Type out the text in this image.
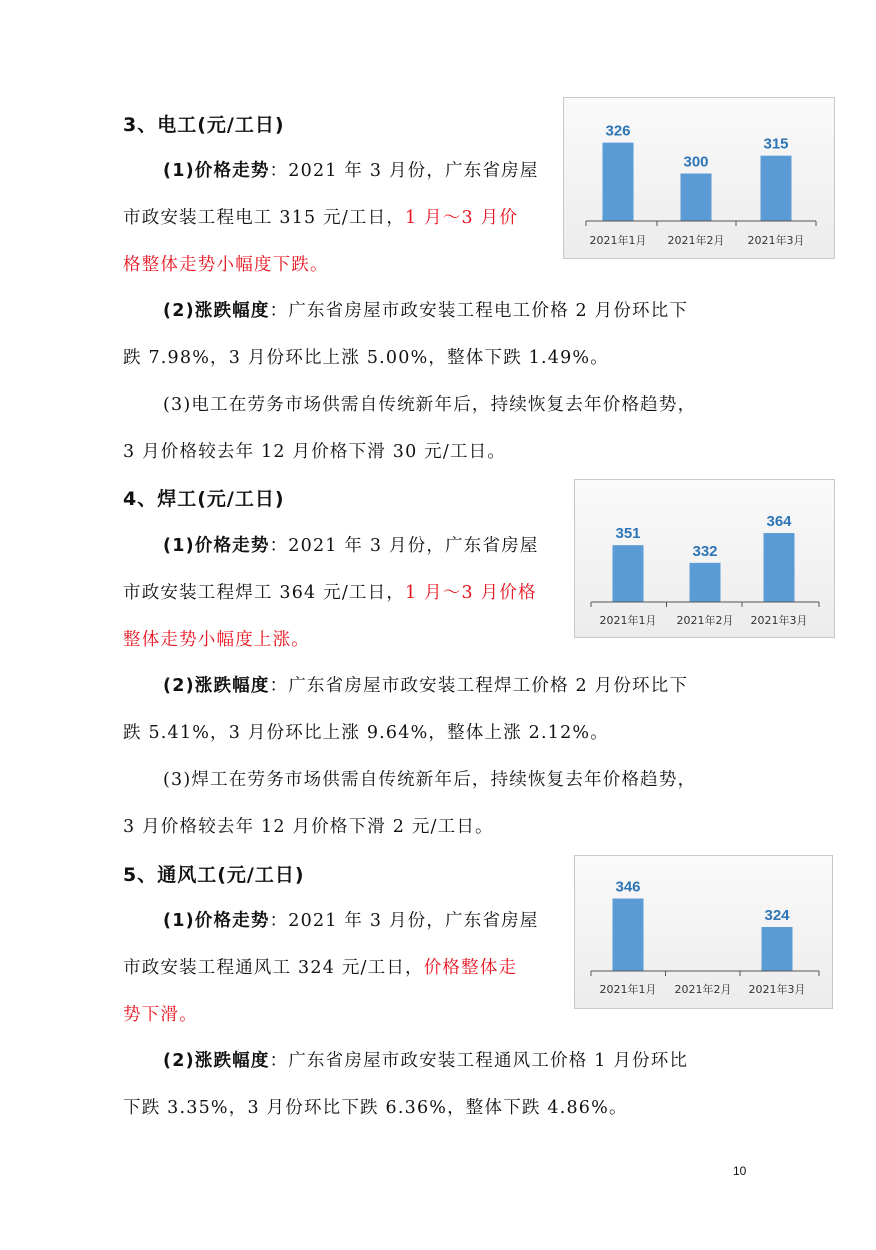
3、电工(元/工日)
(1)价格走势：2021 年 3 月份，广东省房屋
市政安装工程电工 315 元/工日，1 月～3 月价
格整体走势小幅度下跌。
(2)涨跌幅度：广东省房屋市政安装工程电工价格 2 月份环比下
跌 7.98%，3 月份环比上涨 5.00%，整体下跌 1.49%。
(3)电工在劳务市场供需自传统新年后，持续恢复去年价格趋势，
3 月价格较去年 12 月价格下滑 30 元/工日。
326
2021年1月
300
2021年2月
315
2021年3月
4、焊工(元/工日)
(1)价格走势：2021 年 3 月份，广东省房屋
市政安装工程焊工 364 元/工日，1 月～3 月价格
整体走势小幅度上涨。
(2)涨跌幅度：广东省房屋市政安装工程焊工价格 2 月份环比下
跌 5.41%，3 月份环比上涨 9.64%，整体上涨 2.12%。
(3)焊工在劳务市场供需自传统新年后，持续恢复去年价格趋势，
3 月价格较去年 12 月价格下滑 2 元/工日。
351
2021年1月
332
2021年2月
364
2021年3月
5、通风工(元/工日)
(1)价格走势：2021 年 3 月份，广东省房屋
市政安装工程通风工 324 元/工日，价格整体走
势下滑。
(2)涨跌幅度：广东省房屋市政安装工程通风工价格 1 月份环比
下跌 3.35%，3 月份环比下跌 6.36%，整体下跌 4.86%。
346
2021年1月 2021年2月
324
2021年3月
10
